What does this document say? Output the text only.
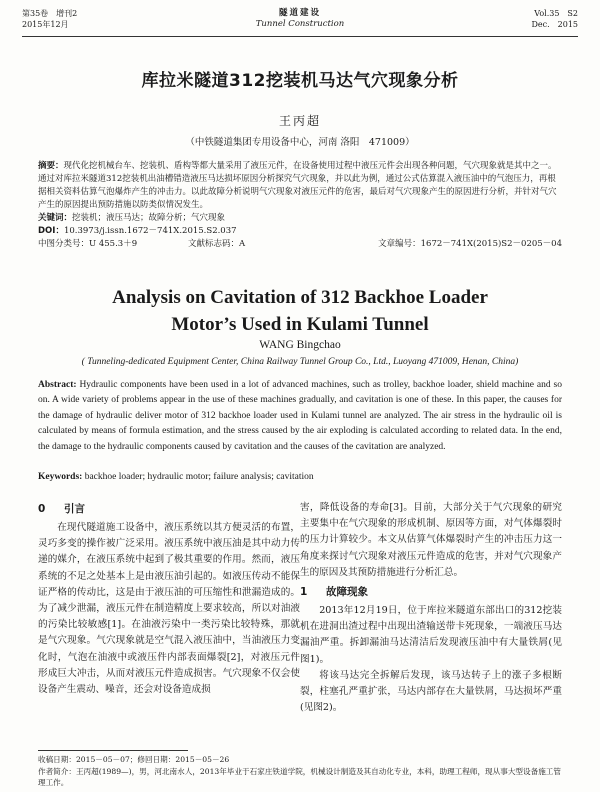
第35卷　增刊2
2015年12月
隧道建设
Tunnel Construction
Vol.35　S2
Dec.　2015
库拉米隧道312挖装机马达气穴现象分析
王丙超
（中铁隧道集团专用设备中心，河南 洛阳　471009）
摘要：现代化挖机械台车、挖装机、盾构等都大量采用了液压元件，在设备使用过程中液压元件会出现各种问题，气穴现象就是其中之一。通过对库拉米隧道312挖装机出油槽错造液压马达损坏原因分析探究气穴现象，并以此为例，通过公式估算混入液压油中的气泡压力，再根据相关资料估算气泡爆炸产生的冲击力。以此故障分析说明气穴现象对液压元件的危害，最后对气穴现象产生的原因进行分析，并针对气穴产生的原因提出预防措施以防类似情况发生。
关键词：挖装机；液压马达；故障分析；气穴现象
DOI：10.3973/j.issn.1672－741X.2015.S2.037
中图分类号：U 455.3＋9	文献标志码：A	文章编号：1672－741X(2015)S2－0205－04
Analysis on Cavitation of 312 Backhoe Loader
Motor’s Used in Kulami Tunnel
WANG Bingchao
( Tunneling-dedicated Equipment Center, China Railway Tunnel Group Co., Ltd., Luoyang 471009, Henan, China)
Abstract: Hydraulic components have been used in a lot of advanced machines, such as trolley, backhoe loader, shield machine and so on. A wide variety of problems appear in the use of these machines gradually, and cavitation is one of these. In this paper, the causes for the damage of hydraulic deliver motor of 312 backhoe loader used in Kulami tunnel are analyzed. The air stress in the hydraulic oil is calculated by means of formula estimation, and the stress caused by the air exploding is calculated according to related data. In the end, the damage to the hydraulic components caused by cavitation and the causes of the cavitation are analyzed.
Keywords: backhoe loader; hydraulic motor; failure analysis; cavitation
0 引言

在现代隧道施工设备中，液压系统以其方便灵活的布置，灵巧多变的操作被广泛采用。液压系统中液压油是其中动力传递的媒介，在液压系统中起到了极其重要的作用。然而，液压系统的不足之处基本上是由液压油引起的。如液压传动不能保证严格的传动比，这是由于液压油的可压缩性和泄漏造成的。为了减少泄漏，液压元件在制造精度上要求较高，所以对油液的污染比较敏感[1]。在油液污染中一类污染比较特殊，那就是气穴现象。气穴现象就是空气混入液压油中，当油液压力变化时，气泡在油液中或液压件内部表面爆裂[2]，对液压元件形成巨大冲击，从而对液压元件造成损害。气穴现象不仅会使设备产生震动、噪音，还会对设备造成损

害，降低设备的寿命[3]。目前，大部分关于气穴现象的研究主要集中在气穴现象的形成机制、原因等方面，对气体爆裂时的压力计算较少。本文从估算气体爆裂时产生的冲击压力这一角度来探讨气穴现象对液压元件造成的危害，并对气穴现象产生的原因及其预防措施进行分析汇总。

1 故障现象

2013年12月19日，位于库拉米隧道东部出口的312挖装机在进洞出渣过程中出现出渣输送带卡死现象，一端液压马达漏油严重。拆卸漏油马达清洁后发现液压油中有大量铁屑(见图1)。

将该马达完全拆解后发现，该马达转子上的涨子多根断裂，柱塞孔严重扩张，马达内部存在大量铁屑，马达损坏严重(见图2)。

收稿日期：2015－05－07；修回日期：2015－05－26
作者简介：王丙超(1989—)，男，河北南水人，2013年毕业于石家庄铁道学院，机械设计制造及其自动化专业，本科，助理工程师，现从事大型设备施工管理工作。
